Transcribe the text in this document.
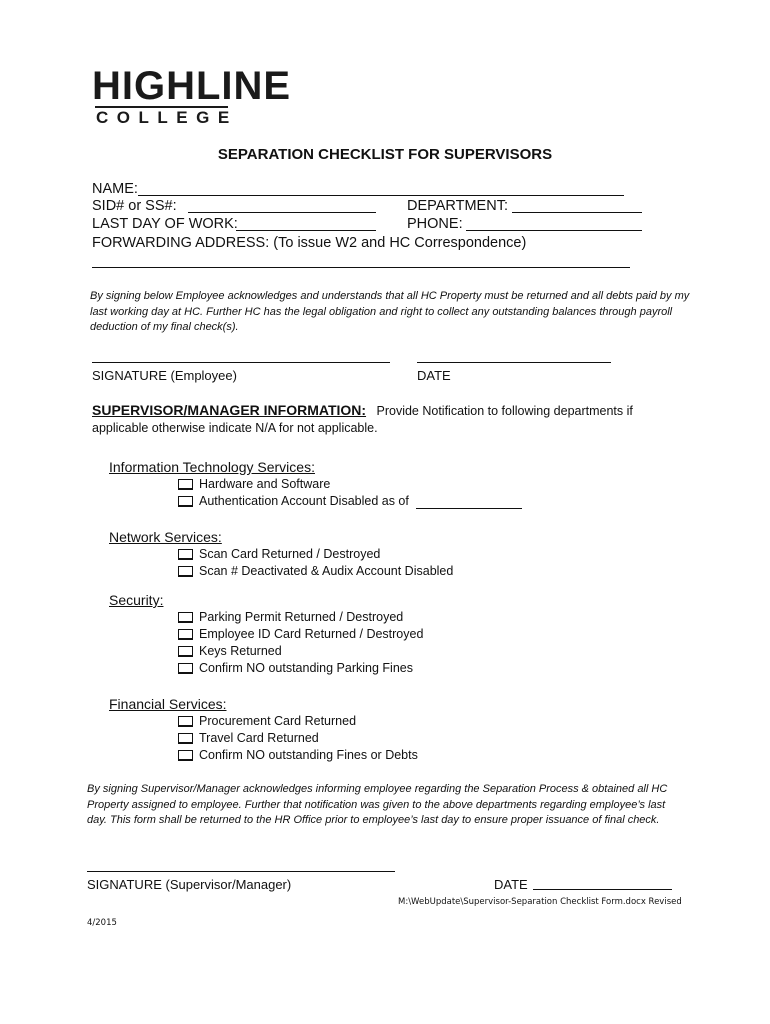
HIGHLINE
COLLEGE
SEPARATION CHECKLIST FOR SUPERVISORS
NAME:
SID# or SS#:	DEPARTMENT:
LAST DAY OF WORK:	PHONE:
FORWARDING ADDRESS: (To issue W2 and HC Correspondence)
By signing below Employee acknowledges and understands that all HC Property must be returned and all debts paid by my last working day at HC. Further HC has the legal obligation and right to collect any outstanding balances through payroll deduction of my final check(s).
SIGNATURE (Employee)	DATE
SUPERVISOR/MANAGER INFORMATION: Provide Notification to following departments if
applicable otherwise indicate N/A for not applicable.
Information Technology Services:
Hardware and Software
Authentication Account Disabled as of
Network Services:
Scan Card Returned / Destroyed
Scan # Deactivated & Audix Account Disabled
Security:
Parking Permit Returned / Destroyed
Employee ID Card Returned / Destroyed
Keys Returned
Confirm NO outstanding Parking Fines
Financial Services:
Procurement Card Returned
Travel Card Returned
Confirm NO outstanding Fines or Debts
By signing Supervisor/Manager acknowledges informing employee regarding the Separation Process & obtained all HC Property assigned to employee. Further that notification was given to the above departments regarding employee’s last day. This form shall be returned to the HR Office prior to employee’s last day to ensure proper issuance of final check.
SIGNATURE (Supervisor/Manager)	DATE
M:\WebUpdate\Supervisor-Separation Checklist Form.docx Revised
4/2015
